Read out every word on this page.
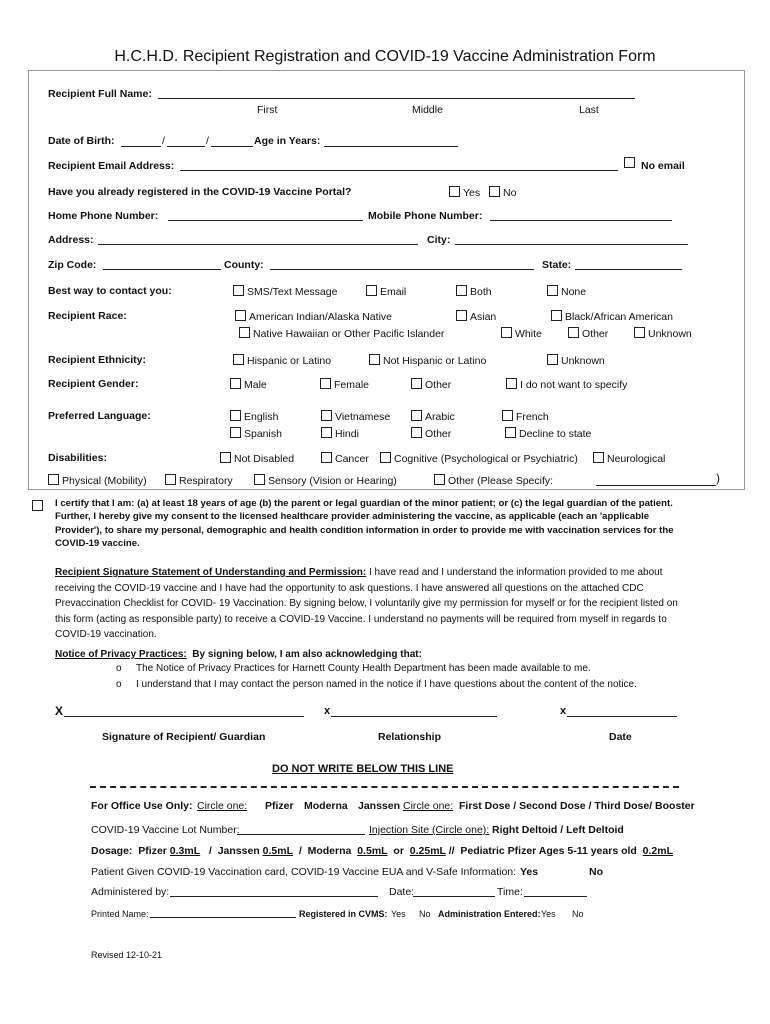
H.C.H.D. Recipient Registration and COVID-19 Vaccine Administration Form
Recipient Full Name:
First	Middle	Last
Date of Birth:	/	/	Age in Years:
Recipient Email Address:	No email
Have you already registered in the COVID-19 Vaccine Portal?	Yes	No
Home Phone Number:	Mobile Phone Number:
Address:	City:
Zip Code:	County:	State:
Best way to contact you:	SMS/Text Message	Email	Both	None
Recipient Race:	American Indian/Alaska Native	Asian	Black/African American
Native Hawaiian or Other Pacific Islander	White	Other	Unknown
Recipient Ethnicity:	Hispanic or Latino	Not Hispanic or Latino	Unknown
Recipient Gender:	Male	Female	Other	I do not want to specify
Preferred Language:	English	Vietnamese	Arabic	French
Spanish	Hindi	Other	Decline to state
Disabilities:	Not Disabled	Cancer	Cognitive (Psychological or Psychiatric)	Neurological
Physical (Mobility)	Respiratory	Sensory (Vision or Hearing)	Other (Please Specify:	)
I certify that I am: (a) at least 18 years of age (b) the parent or legal guardian of the minor patient; or (c) the legal guardian of the patient. Further, I hereby give my consent to the licensed healthcare provider administering the vaccine, as applicable (each an 'applicable Provider'), to share my personal, demographic and health condition information in order to provide me with vaccination services for the COVID-19 vaccine.
Recipient Signature Statement of Understanding and Permission: I have read and I understand the information provided to me about receiving the COVID-19 vaccine and I have had the opportunity to ask questions. I have answered all questions on the attached CDC Prevaccination Checklist for COVID- 19 Vaccination. By signing below, I voluntarily give my permission for myself or for the recipient listed on this form (acting as responsible party) to receive a COVID-19 Vaccine. I understand no payments will be required from myself in regards to COVID-19 vaccination.
Notice of Privacy Practices: By signing below, I am also acknowledging that:
o The Notice of Privacy Practices for Harnett County Health Department has been made available to me.
o I understand that I may contact the person named in the notice if I have questions about the content of the notice.
X	x	x
Signature of Recipient/ Guardian	Relationship	Date
DO NOT WRITE BELOW THIS LINE
For Office Use Only: Circle one: Pfizer Moderna Janssen Circle one: First Dose / Second Dose / Third Dose/ Booster
COVID-19 Vaccine Lot Number:	Injection Site (Circle one): Right Deltoid / Left Deltoid
Dosage: Pfizer 0.3mL / Janssen 0.5mL / Moderna 0.5mL or 0.25mL // Pediatric Pfizer Ages 5-11 years old 0.2mL
Patient Given COVID-19 Vaccination card, COVID-19 Vaccine EUA and V-Safe Information: Yes	No
Administered by:	Date:	Time:
Printed Name:	Registered in CVMS: Yes No Administration Entered: Yes No
Revised 12-10-21
